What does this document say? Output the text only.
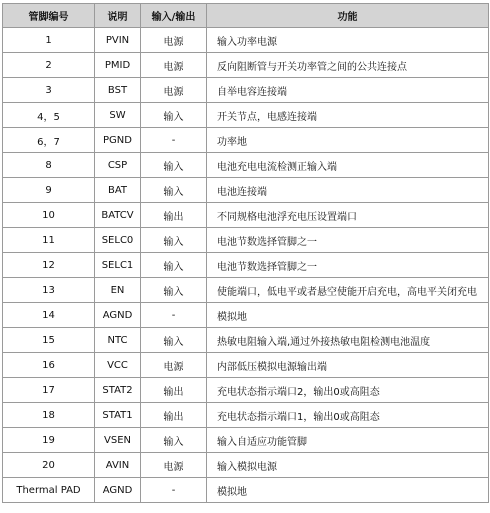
管脚编号	说明	输入/输出	功能
1	PVIN	电源	输入功率电源
2	PMID	电源	反向阻断管与开关功率管之间的公共连接点
3	BST	电源	自举电容连接端
4，5	SW	输入	开关节点，电感连接端
6，7	PGND	-	功率地
8	CSP	输入	电池充电电流检测正输入端
9	BAT	输入	电池连接端
10	BATCV	输出	不同规格电池浮充电压设置端口
11	SELC0	输入	电池节数选择管脚之一
12	SELC1	输入	电池节数选择管脚之一
13	EN	输入	使能端口，低电平或者悬空使能开启充电，高电平关闭充电
14	AGND	-	模拟地
15	NTC	输入	热敏电阻输入端,通过外接热敏电阻检测电池温度
16	VCC	电源	内部低压模拟电源输出端
17	STAT2	输出	充电状态指示端口2，输出0或高阻态
18	STAT1	输出	充电状态指示端口1，输出0或高阻态
19	VSEN	输入	输入自适应功能管脚
20	AVIN	电源	输入模拟电源
Thermal PAD	AGND	-	模拟地
